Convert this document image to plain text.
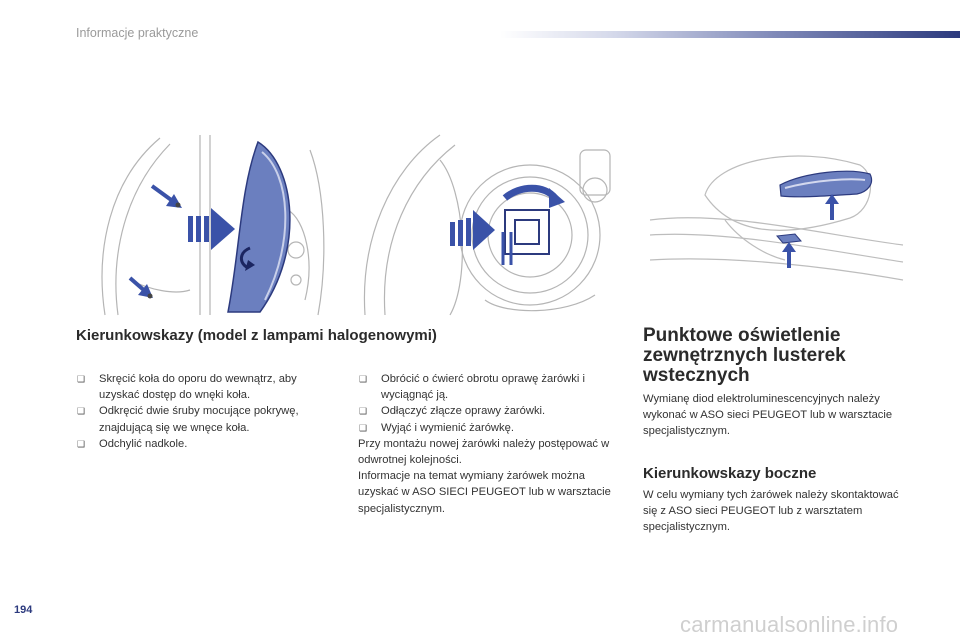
Informacje praktyczne
Kierunkowskazy (model z lampami halogenowymi)
❑ Skręcić koła do oporu do wewnątrz, aby uzyskać dostęp do wnęki koła.
❑ Odkręcić dwie śruby mocujące pokrywę, znajdującą się we wnęce koła.
❑ Odchylić nadkole.
❑ Obrócić o ćwierć obrotu oprawę żarówki i wyciągnąć ją.
❑ Odłączyć złącze oprawy żarówki.
❑ Wyjąć i wymienić żarówkę.
Przy montażu nowej żarówki należy postępować w odwrotnej kolejności.
Informacje na temat wymiany żarówek można uzyskać w ASO SIECI PEUGEOT lub w warsztacie specjalistycznym.
Punktowe oświetlenie zewnętrznych lusterek wstecznych
Wymianę diod elektroluminescencyjnych należy wykonać w ASO sieci PEUGEOT lub w warsztacie specjalistycznym.
Kierunkowskazy boczne
W celu wymiany tych żarówek należy skontaktować się z ASO sieci PEUGEOT lub z warsztatem specjalistycznym.
194
carmanualsonline.info
